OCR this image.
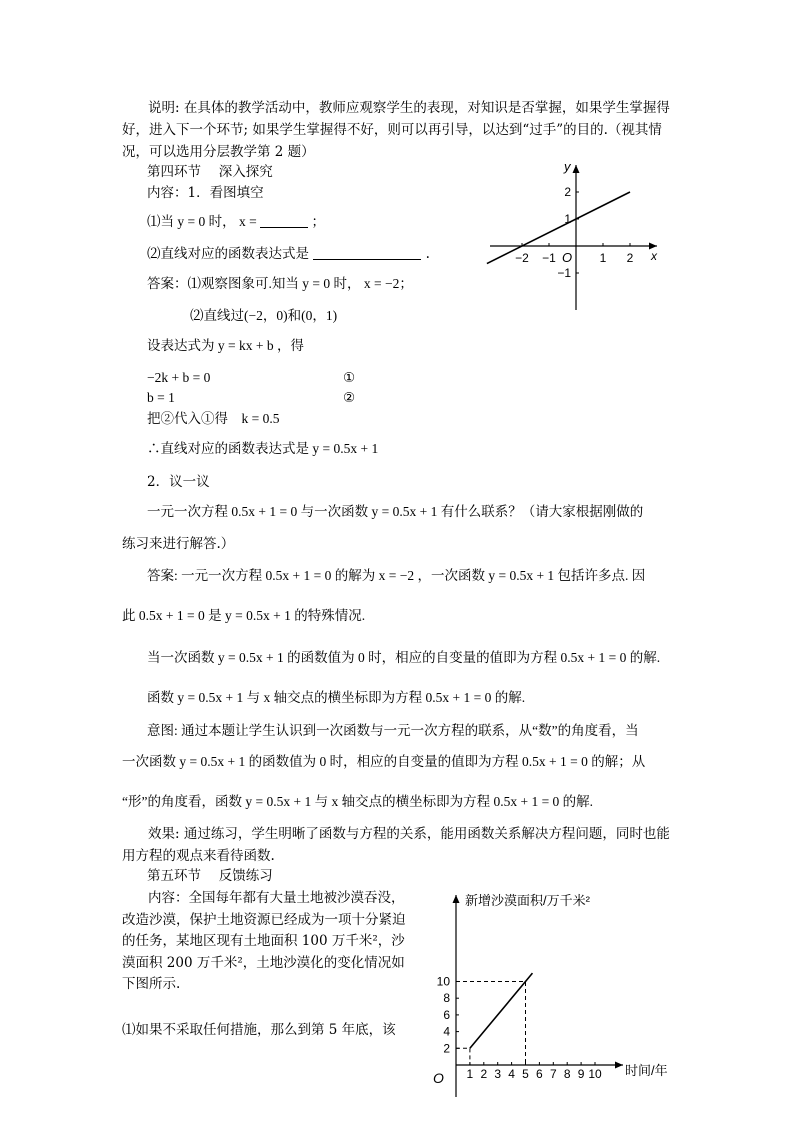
说明: 在具体的教学活动中，教师应观察学生的表现，对知识是否掌握，如果学生掌握得好，进入下一个环节; 如果学生掌握得不好，则可以再引导，以达到“过手”的目的.（视其情况，可以选用分层教学第 2 题）
第四环节　 深入探究
内容：1．看图填空
⑴当 y = 0 时， x =	；
⑵直线对应的函数表达式是	.
答案：⑴观察图象可.知当 y = 0 时， x = −2；
⑵直线过(−2，0)和(0，1)
设表达式为 y = kx + b ，得
−2k + b = 0	①
b = 1	②
把②代入①得　k = 0.5
∴直线对应的函数表达式是 y = 0.5x + 1
2．议一议
一元一次方程 0.5x + 1 = 0 与一次函数 y = 0.5x + 1 有什么联系？（请大家根据刚做的
练习来进行解答.）
答案: 一元一次方程 0.5x + 1 = 0 的解为 x = −2 ，一次函数 y = 0.5x + 1 包括许多点. 因
此 0.5x + 1 = 0 是 y = 0.5x + 1 的特殊情况.
当一次函数 y = 0.5x + 1 的函数值为 0 时，相应的自变量的值即为方程 0.5x + 1 = 0 的解.
函数 y = 0.5x + 1 与 x 轴交点的横坐标即为方程 0.5x + 1 = 0 的解.
意图: 通过本题让学生认识到一次函数与一元一次方程的联系，从“数”的角度看，当
一次函数 y = 0.5x + 1 的函数值为 0 时，相应的自变量的值即为方程 0.5x + 1 = 0 的解；从
“形”的角度看，函数 y = 0.5x + 1 与 x 轴交点的横坐标即为方程 0.5x + 1 = 0 的解.
效果: 通过练习，学生明晰了函数与方程的关系，能用函数关系解决方程问题，同时也能用方程的观点来看待函数.
第五环节　 反馈练习
内容：全国每年都有大量土地被沙漠吞没，改造沙漠，保护土地资源已经成为一项十分紧迫的任务，某地区现有土地面积 100 万千米²，沙漠面积 200 万千米²，土地沙漠化的变化情况如下图所示.
⑴如果不采取任何措施，那么到第 5 年底，该
x
y
O
−2 −1	1 2
2
1
−1
新增沙漠面积/万千米²
时间/年
O 1 2 3 4 5 6 7 8 9 10
2
4
6
8
10
